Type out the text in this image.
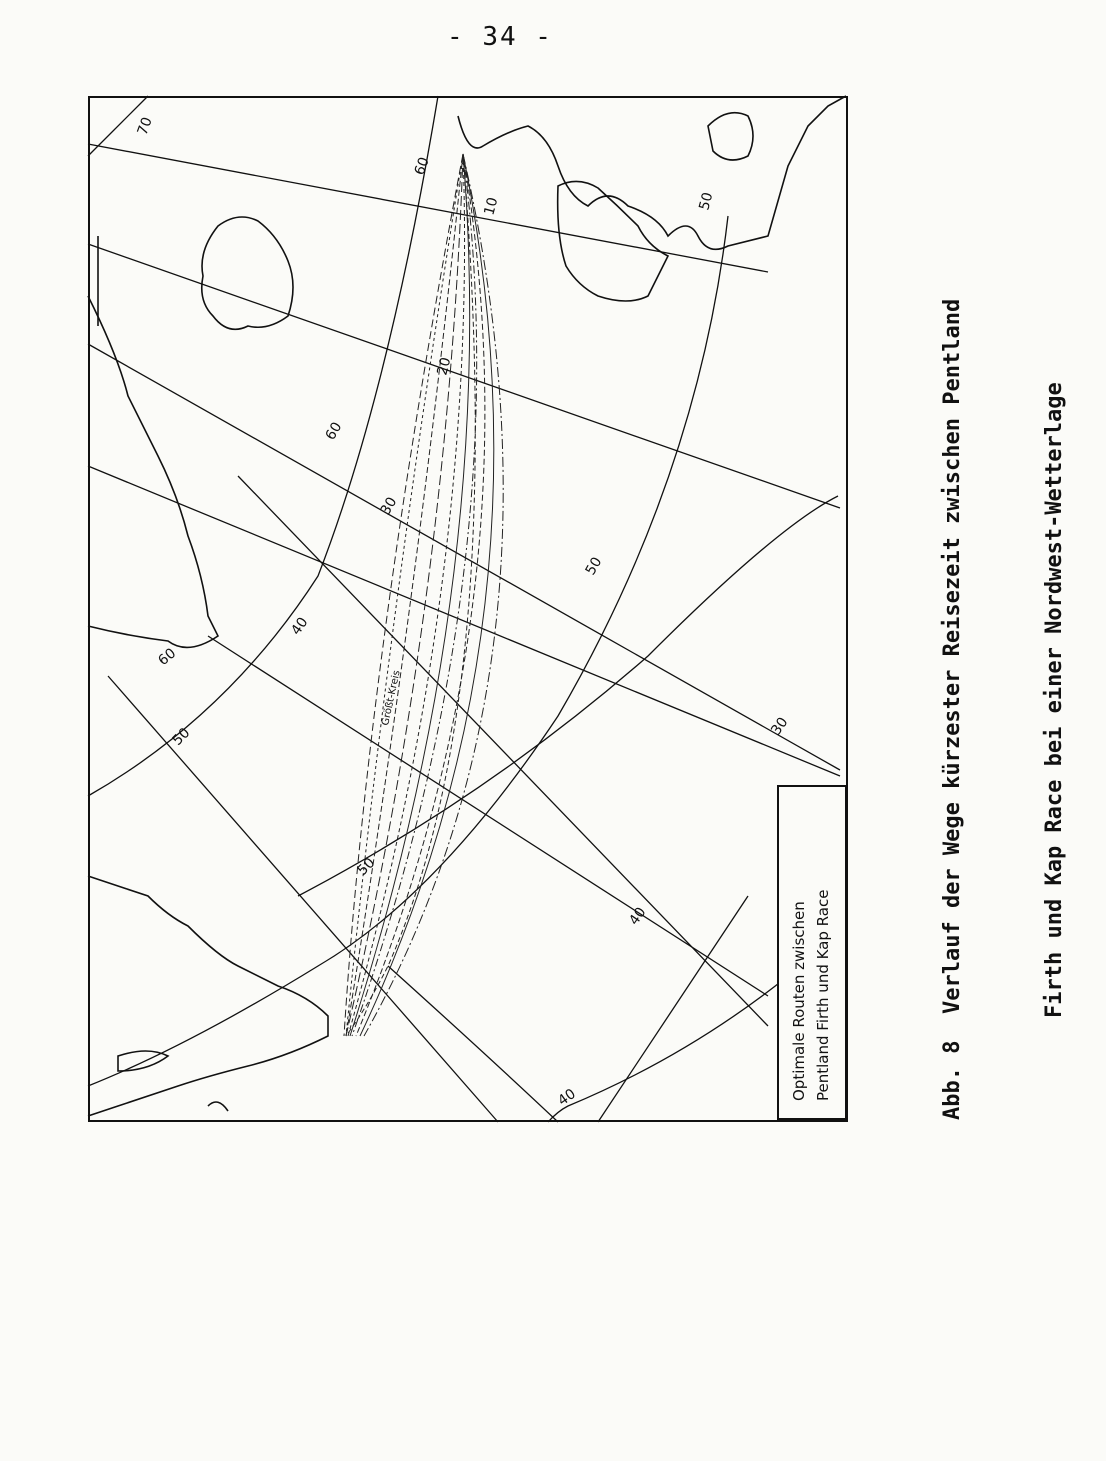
- 34 -
70
60
60
60
50
50
50
50
10
20
30
40
30
40
40
Größt-Kreis
Optimale Routen zwischen Pentland Firth und Kap Race

	Abb. 8  Verlauf der Wege kürzester Reisezeit zwischen Pentland

	Firth und Kap Race bei einer Nordwest-Wetterlage
